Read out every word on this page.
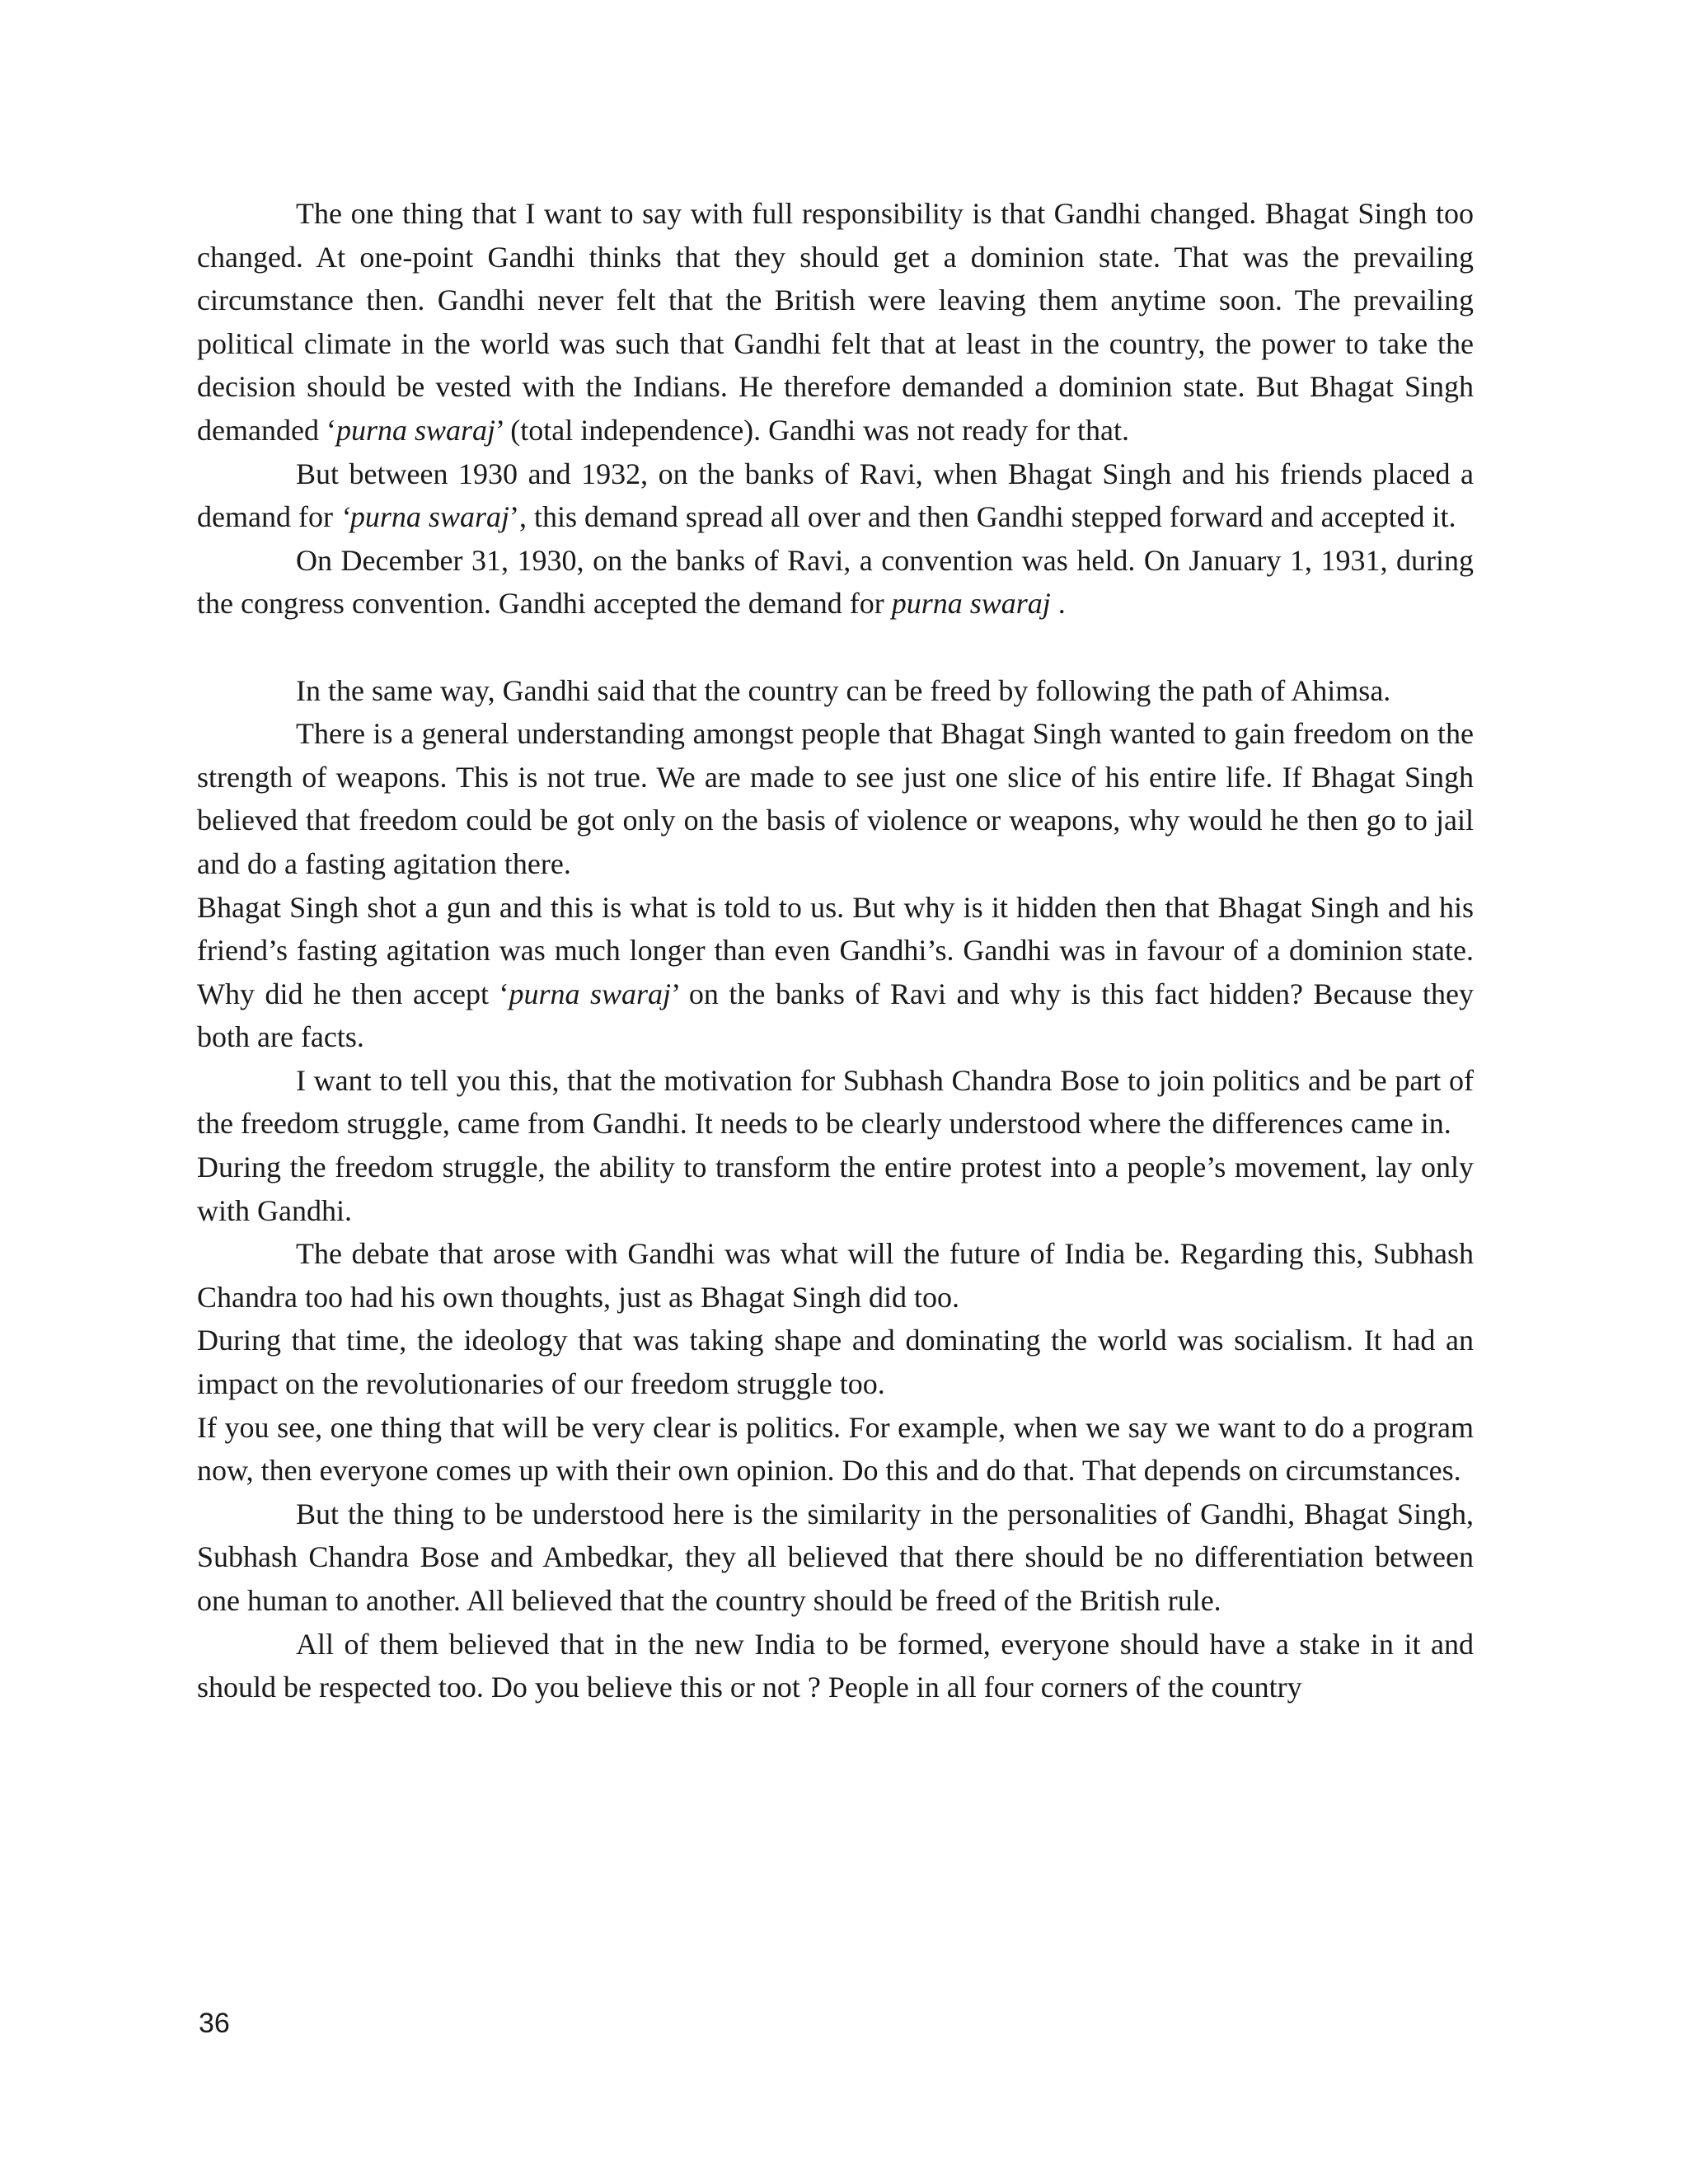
The one thing that I want to say with full responsibility is that Gandhi changed. Bhagat Singh too changed. At one-point Gandhi thinks that they should get a dominion state. That was the prevailing circumstance then. Gandhi never felt that the British were leaving them anytime soon. The prevailing political climate in the world was such that Gandhi felt that at least in the country, the power to take the decision should be vested with the Indians. He therefore demanded a dominion state. But Bhagat Singh demanded ‘purna swaraj’ (total independence). Gandhi was not ready for that.

But between 1930 and 1932, on the banks of Ravi, when Bhagat Singh and his friends placed a demand for ‘purna swaraj’, this demand spread all over and then Gandhi stepped forward and accepted it.

On December 31, 1930, on the banks of Ravi, a convention was held. On January 1, 1931, during the congress convention. Gandhi accepted the demand for purna swaraj .

In the same way, Gandhi said that the country can be freed by following the path of Ahimsa.

There is a general understanding amongst people that Bhagat Singh wanted to gain freedom on the strength of weapons. This is not true. We are made to see just one slice of his entire life. If Bhagat Singh believed that freedom could be got only on the basis of violence or weapons, why would he then go to jail and do a fasting agitation there.

Bhagat Singh shot a gun and this is what is told to us. But why is it hidden then that Bhagat Singh and his friend’s fasting agitation was much longer than even Gandhi’s. Gandhi was in favour of a dominion state. Why did he then accept ‘purna swaraj’ on the banks of Ravi and why is this fact hidden? Because they both are facts.

I want to tell you this, that the motivation for Subhash Chandra Bose to join politics and be part of the freedom struggle, came from Gandhi. It needs to be clearly understood where the differences came in.

During the freedom struggle, the ability to transform the entire protest into a people’s movement, lay only with Gandhi.

The debate that arose with Gandhi was what will the future of India be. Regarding this, Subhash Chandra too had his own thoughts, just as Bhagat Singh did too.

During that time, the ideology that was taking shape and dominating the world was socialism. It had an impact on the revolutionaries of our freedom struggle too.

If you see, one thing that will be very clear is politics. For example, when we say we want to do a program now, then everyone comes up with their own opinion. Do this and do that. That depends on circumstances.

But the thing to be understood here is the similarity in the personalities of Gandhi, Bhagat Singh, Subhash Chandra Bose and Ambedkar, they all believed that there should be no differentiation between one human to another. All believed that the country should be freed of the British rule.

All of them believed that in the new India to be formed, everyone should have a stake in it and should be respected too. Do you believe this or not ? People in all four corners of the country

36
